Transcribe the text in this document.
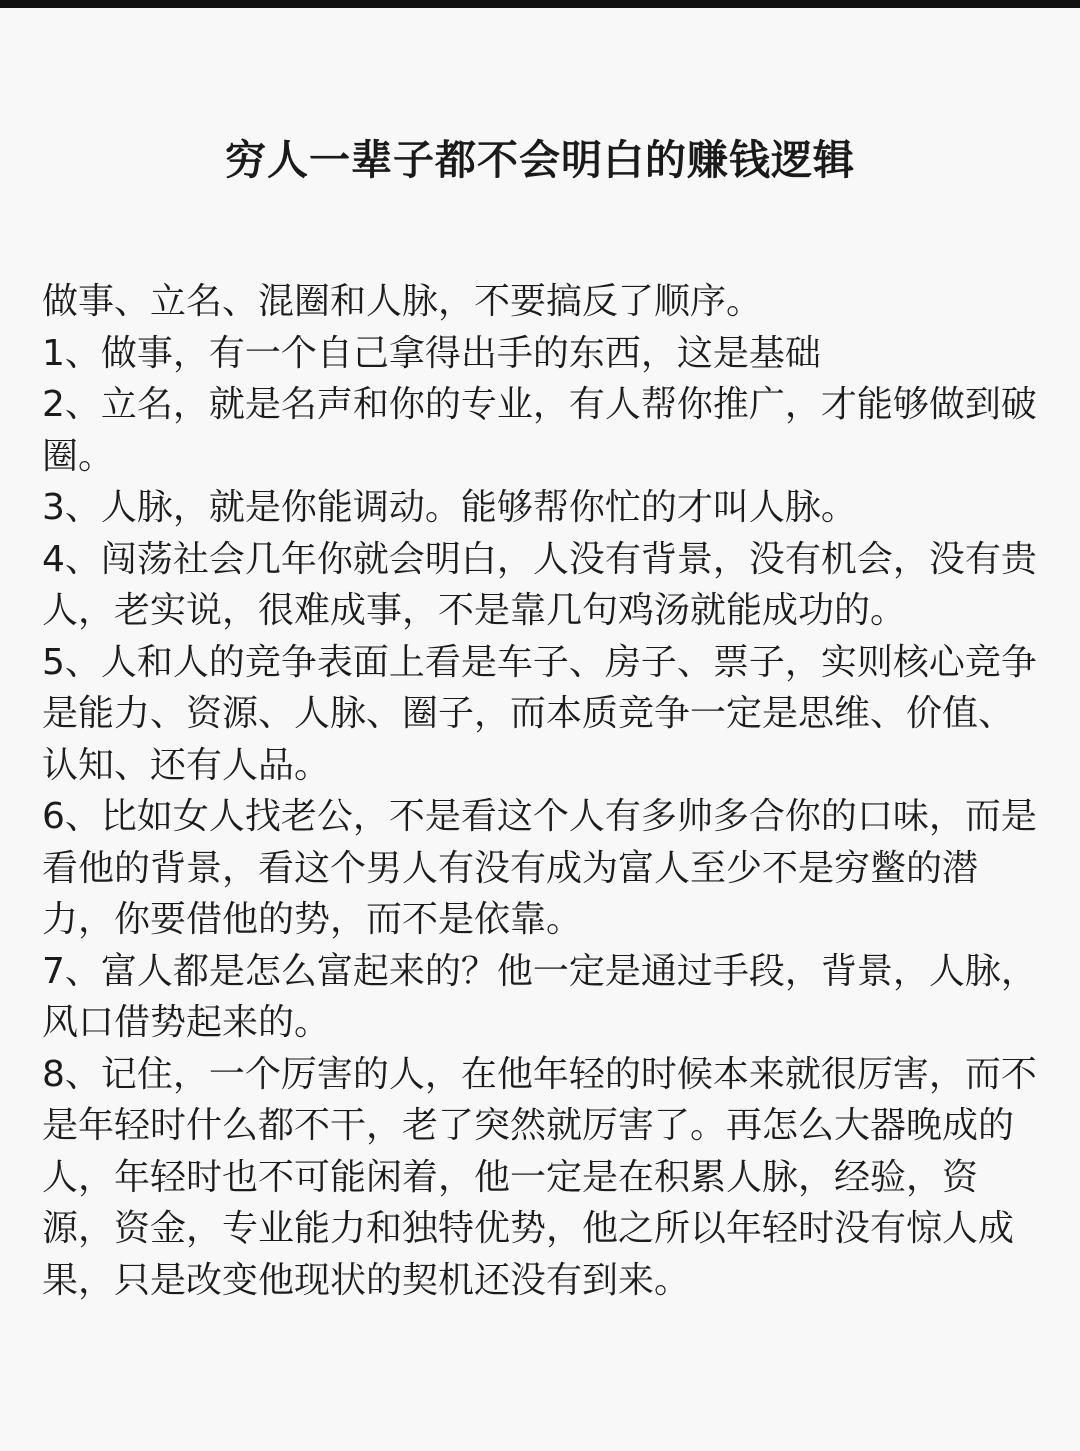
穷人一辈子都不会明白的赚钱逻辑

做事、立名、混圈和人脉，不要搞反了顺序。

1、做事，有一个自己拿得出手的东西，这是基础

2、立名，就是名声和你的专业，有人帮你推广，才能够做到破圈。

3、人脉，就是你能调动。能够帮你忙的才叫人脉。

4、闯荡社会几年你就会明白，人没有背景，没有机会，没有贵人，老实说，很难成事，不是靠几句鸡汤就能成功的。

5、人和人的竞争表面上看是车子、房子、票子，实则核心竞争是能力、资源、人脉、圈子，而本质竞争一定是思维、价值、认知、还有人品。

6、比如女人找老公，不是看这个人有多帅多合你的口味，而是看他的背景，看这个男人有没有成为富人至少不是穷鳖的潜力，你要借他的势，而不是依靠。

7、富人都是怎么富起来的？他一定是通过手段，背景，人脉，风口借势起来的。

8、记住，一个厉害的人，在他年轻的时候本来就很厉害，而不是年轻时什么都不干，老了突然就厉害了。再怎么大器晚成的人，年轻时也不可能闲着，他一定是在积累人脉，经验，资源，资金，专业能力和独特优势，他之所以年轻时没有惊人成果，只是改变他现状的契机还没有到来。
